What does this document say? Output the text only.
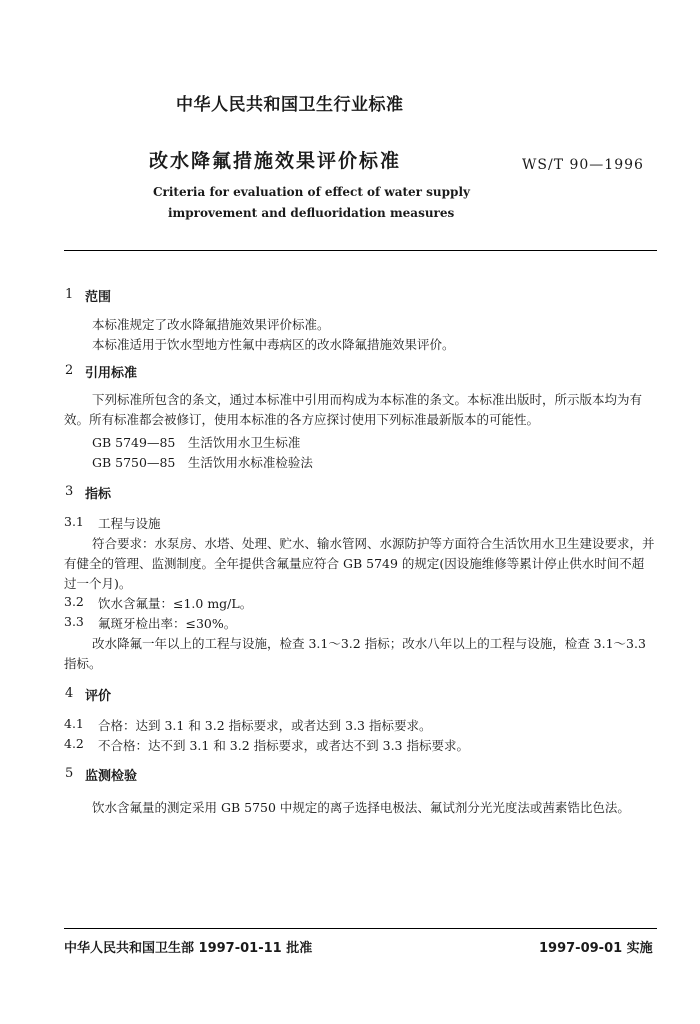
中华人民共和国卫生行业标准
改水降氟措施效果评价标准	WS/T 90—1996
Criteria for evaluation of effect of water supply
improvement and defluoridation measures
1 范围
本标准规定了改水降氟措施效果评价标准。
本标准适用于饮水型地方性氟中毒病区的改水降氟措施效果评价。
2 引用标准
下列标准所包含的条文，通过本标准中引用而构成为本标准的条文。本标准出版时，所示版本均为有效。所有标准都会被修订，使用本标准的各方应探讨使用下列标准最新版本的可能性。
GB 5749—85　生活饮用水卫生标准
GB 5750—85　生活饮用水标准检验法
3 指标
3.1 工程与设施
符合要求：水泵房、水塔、处理、贮水、输水管网、水源防护等方面符合生活饮用水卫生建设要求，并有健全的管理、监测制度。全年提供含氟量应符合 GB 5749 的规定(因设施维修等累计停止供水时间不超过一个月)。
3.2 饮水含氟量：≤1.0 mg/L。
3.3 氟斑牙检出率：≤30%。
改水降氟一年以上的工程与设施，检查 3.1～3.2 指标；改水八年以上的工程与设施，检查 3.1～3.3 指标。
4 评价
4.1 合格：达到 3.1 和 3.2 指标要求，或者达到 3.3 指标要求。
4.2 不合格：达不到 3.1 和 3.2 指标要求，或者达不到 3.3 指标要求。
5 监测检验
饮水含氟量的测定采用 GB 5750 中规定的离子选择电极法、氟试剂分光光度法或茜素锆比色法。
中华人民共和国卫生部 1997-01-11 批准	1997-09-01 实施
